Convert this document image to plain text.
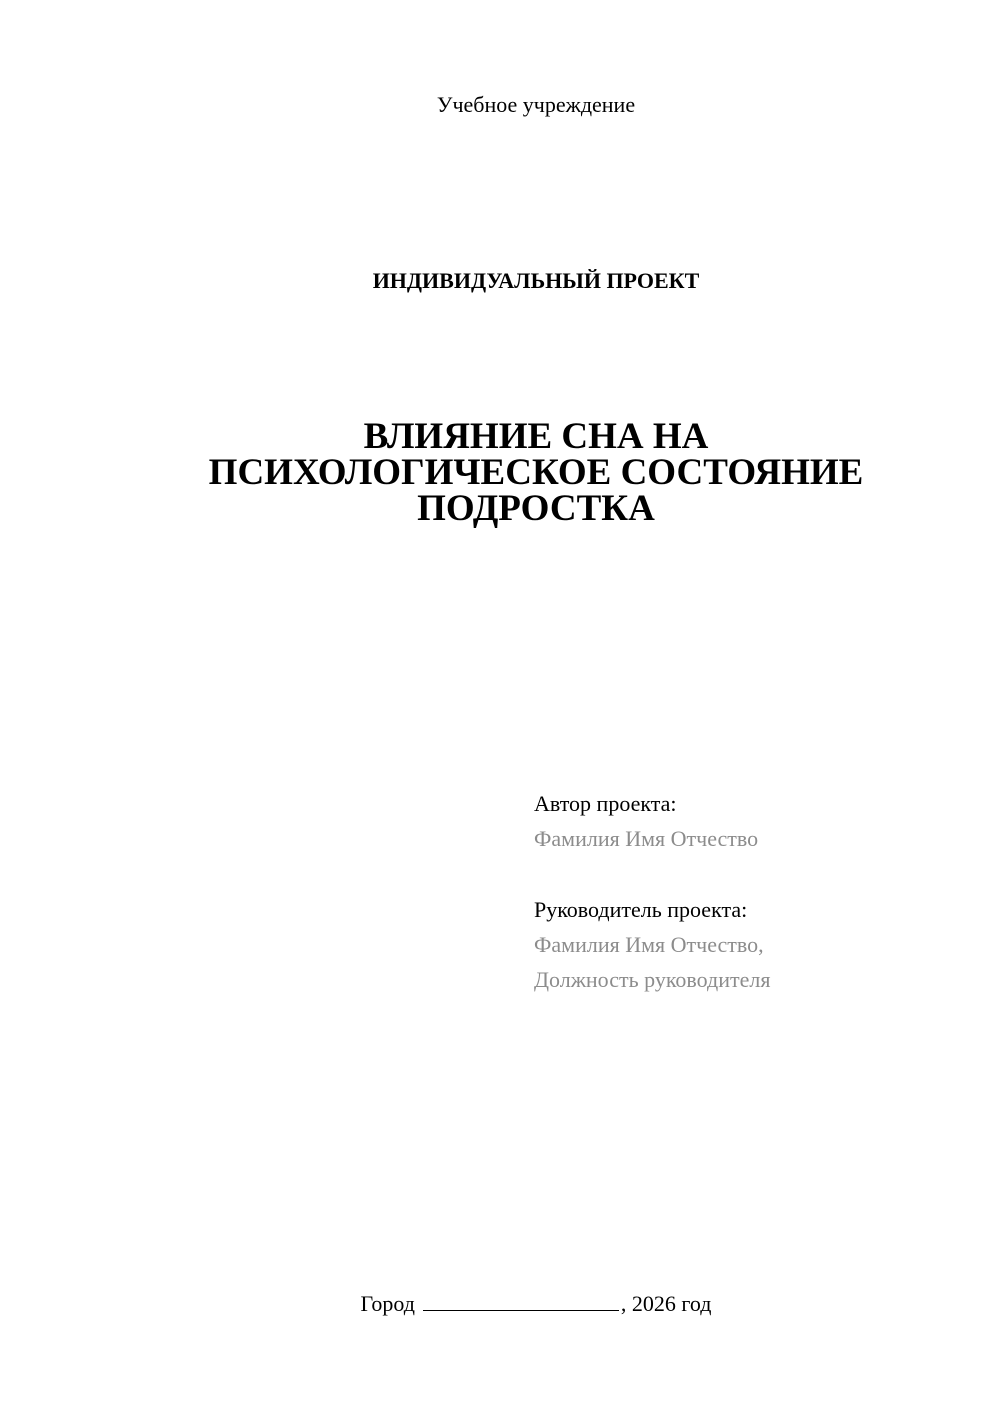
Учебное учреждение
ИНДИВИДУАЛЬНЫЙ ПРОЕКТ
ВЛИЯНИЕ СНА НА
ПСИХОЛОГИЧЕСКОЕ СОСТОЯНИЕ
ПОДРОСТКА
Автор проекта:
Фамилия Имя Отчество
Руководитель проекта:
Фамилия Имя Отчество,
Должность руководителя
Город	, 2026 год
